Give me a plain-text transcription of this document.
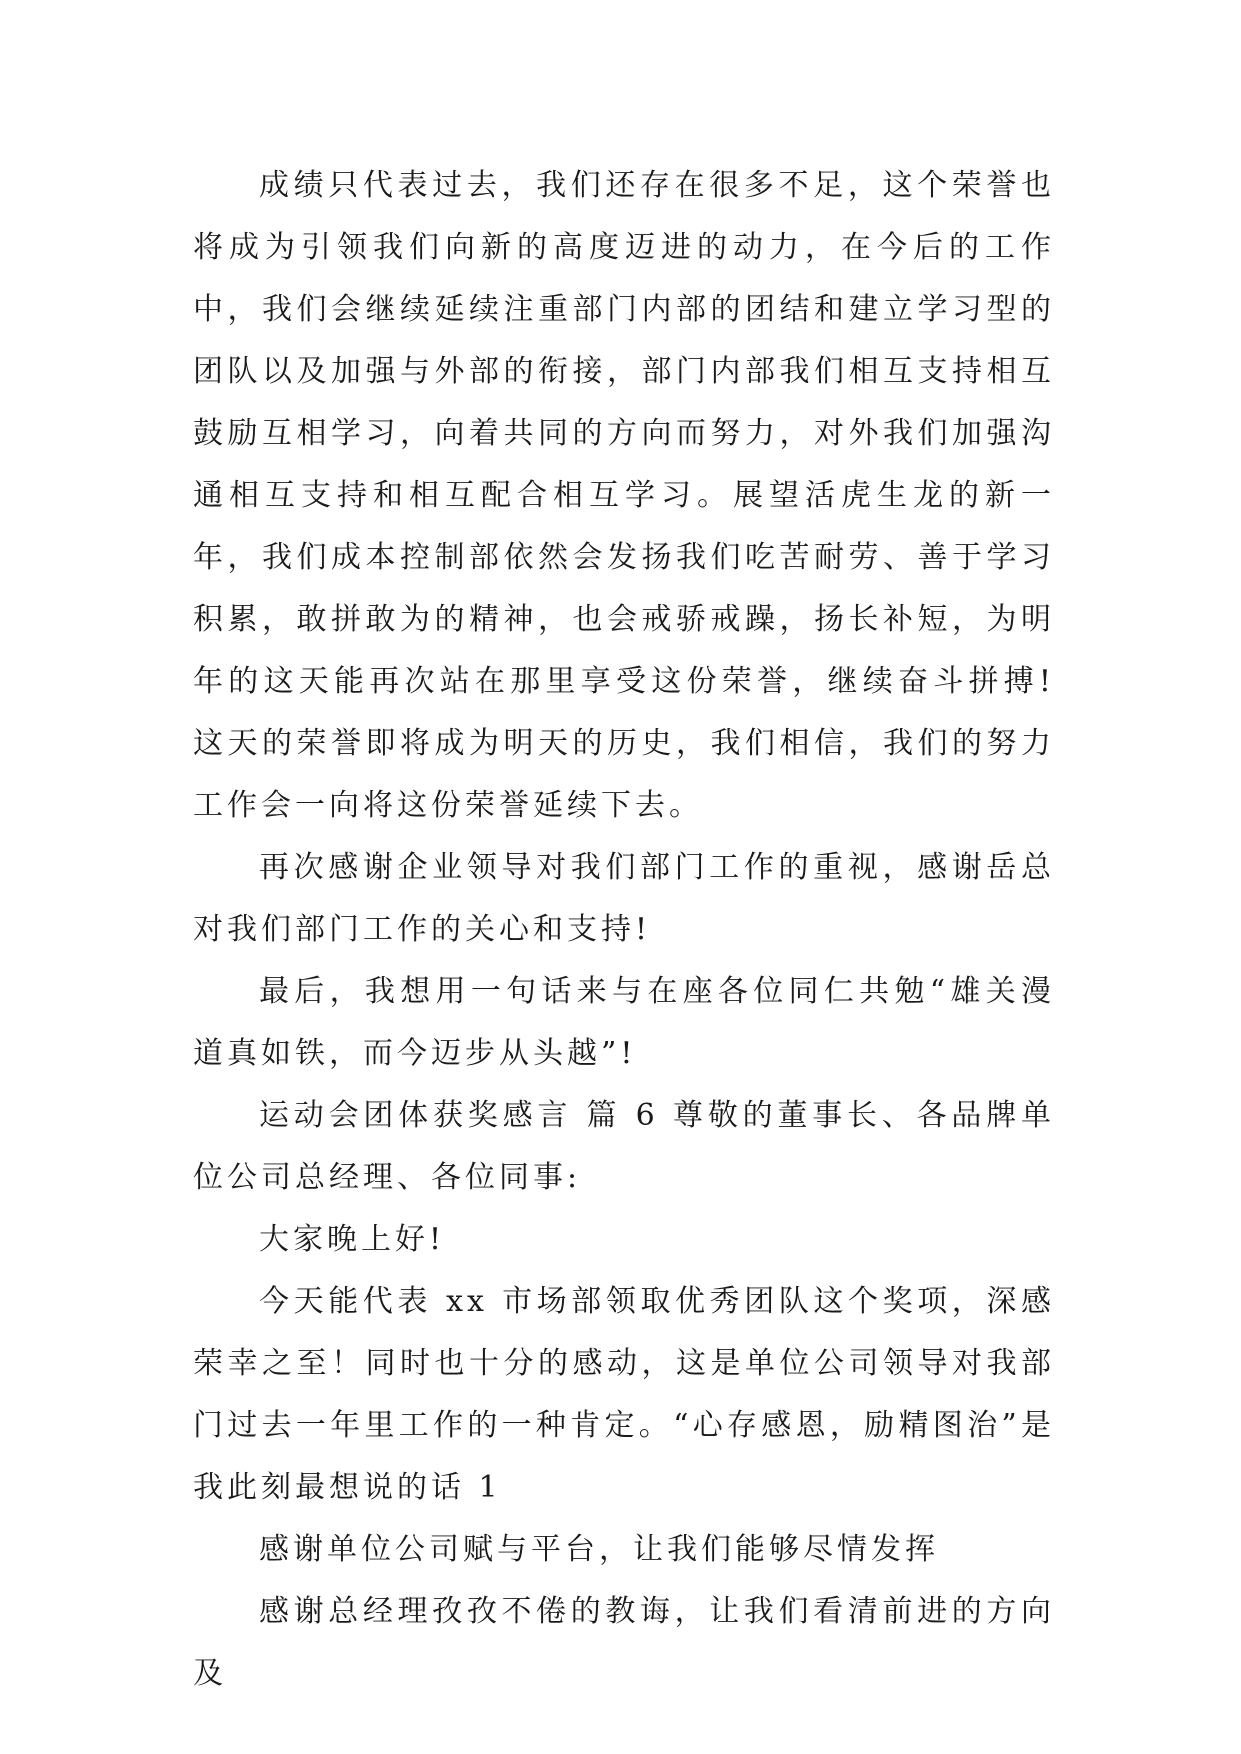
成绩只代表过去，我们还存在很多不足，这个荣誉也将成为引领我们向新的高度迈进的动力，在今后的工作中，我们会继续延续注重部门内部的团结和建立学习型的团队以及加强与外部的衔接，部门内部我们相互支持相互鼓励互相学习，向着共同的方向而努力，对外我们加强沟通相互支持和相互配合相互学习。展望活虎生龙的新一年，我们成本控制部依然会发扬我们吃苦耐劳、善于学习积累，敢拼敢为的精神，也会戒骄戒躁，扬长补短，为明年的这天能再次站在那里享受这份荣誉，继续奋斗拼搏!这天的荣誉即将成为明天的历史，我们相信，我们的努力工作会一向将这份荣誉延续下去。

再次感谢企业领导对我们部门工作的重视，感谢岳总对我们部门工作的关心和支持!

最后，我想用一句话来与在座各位同仁共勉“雄关漫道真如铁，而今迈步从头越”!

运动会团体获奖感言 篇 6 尊敬的董事长、各品牌单位公司总经理、各位同事:

大家晚上好!

今天能代表 xx 市场部领取优秀团队这个奖项，深感荣幸之至！同时也十分的感动，这是单位公司领导对我部门过去一年里工作的一种肯定。“心存感恩，励精图治”是我此刻最想说的话 1

感谢单位公司赋与平台，让我们能够尽情发挥

感谢总经理孜孜不倦的教诲，让我们看清前进的方向及
